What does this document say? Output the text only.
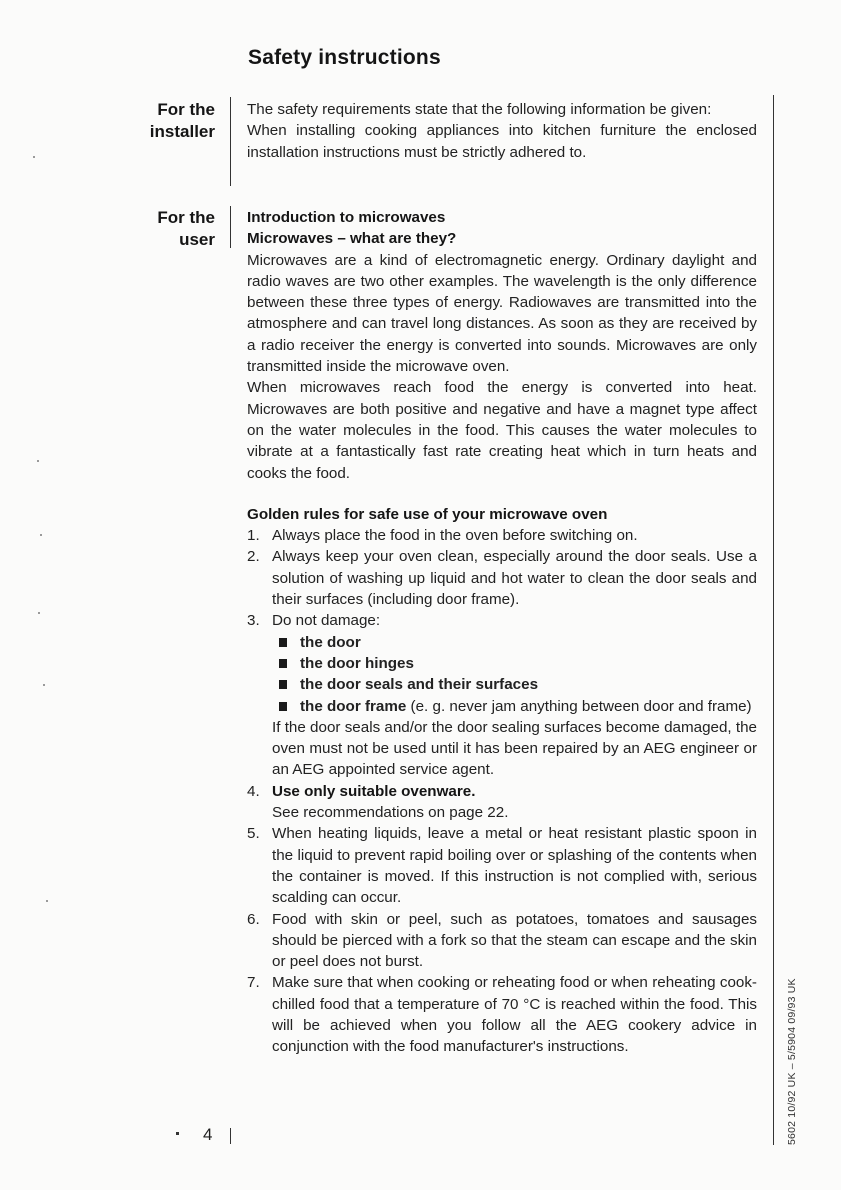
Safety instructions
For the
installer

The safety requirements state that the following information be given:

When installing cooking appliances into kitchen furniture the enclosed installation instructions must be strictly adhered to.

For the
user

Introduction to microwaves

Microwaves – what are they?

Microwaves are a kind of electromagnetic energy. Ordinary daylight and radio waves are two other examples. The wavelength is the only difference between these three types of energy. Radiowaves are transmitted into the atmosphere and can travel long distances. As soon as they are received by a radio receiver the energy is converted into sounds. Microwaves are only transmitted inside the microwave oven.

When microwaves reach food the energy is converted into heat. Microwaves are both positive and negative and have a magnet type affect on the water molecules in the food. This causes the water molecules to vibrate at a fantastically fast rate creating heat which in turn heats and cooks the food.

Golden rules for safe use of your microwave oven

1. Always place the food in the oven before switching on.
2. Always keep your oven clean, especially around the door seals. Use a solution of washing up liquid and hot water to clean the door seals and their surfaces (including door frame).
3. Do not damage:
the door
the door hinges
the door seals and their surfaces
the door frame (e. g. never jam anything between door and frame)

If the door seals and/or the door sealing surfaces become damaged, the oven must not be used until it has been repaired by an AEG engineer or an AEG appointed service agent.

4. Use only suitable ovenware.

See recommendations on page 22.

5. When heating liquids, leave a metal or heat resistant plastic spoon in the liquid to prevent rapid boiling over or splashing of the contents when the container is moved. If this instruction is not complied with, serious scalding can occur.
6. Food with skin or peel, such as potatoes, tomatoes and sausages should be pierced with a fork so that the steam can escape and the skin or peel does not burst.
7. Make sure that when cooking or reheating food or when reheating cook-chilled food that a temperature of 70 °C is reached within the food. This will be achieved when you follow all the AEG cookery advice in conjunction with the food manufacturer's instructions.
4	5602 10/92 UK – 5/5904 09/93 UK
